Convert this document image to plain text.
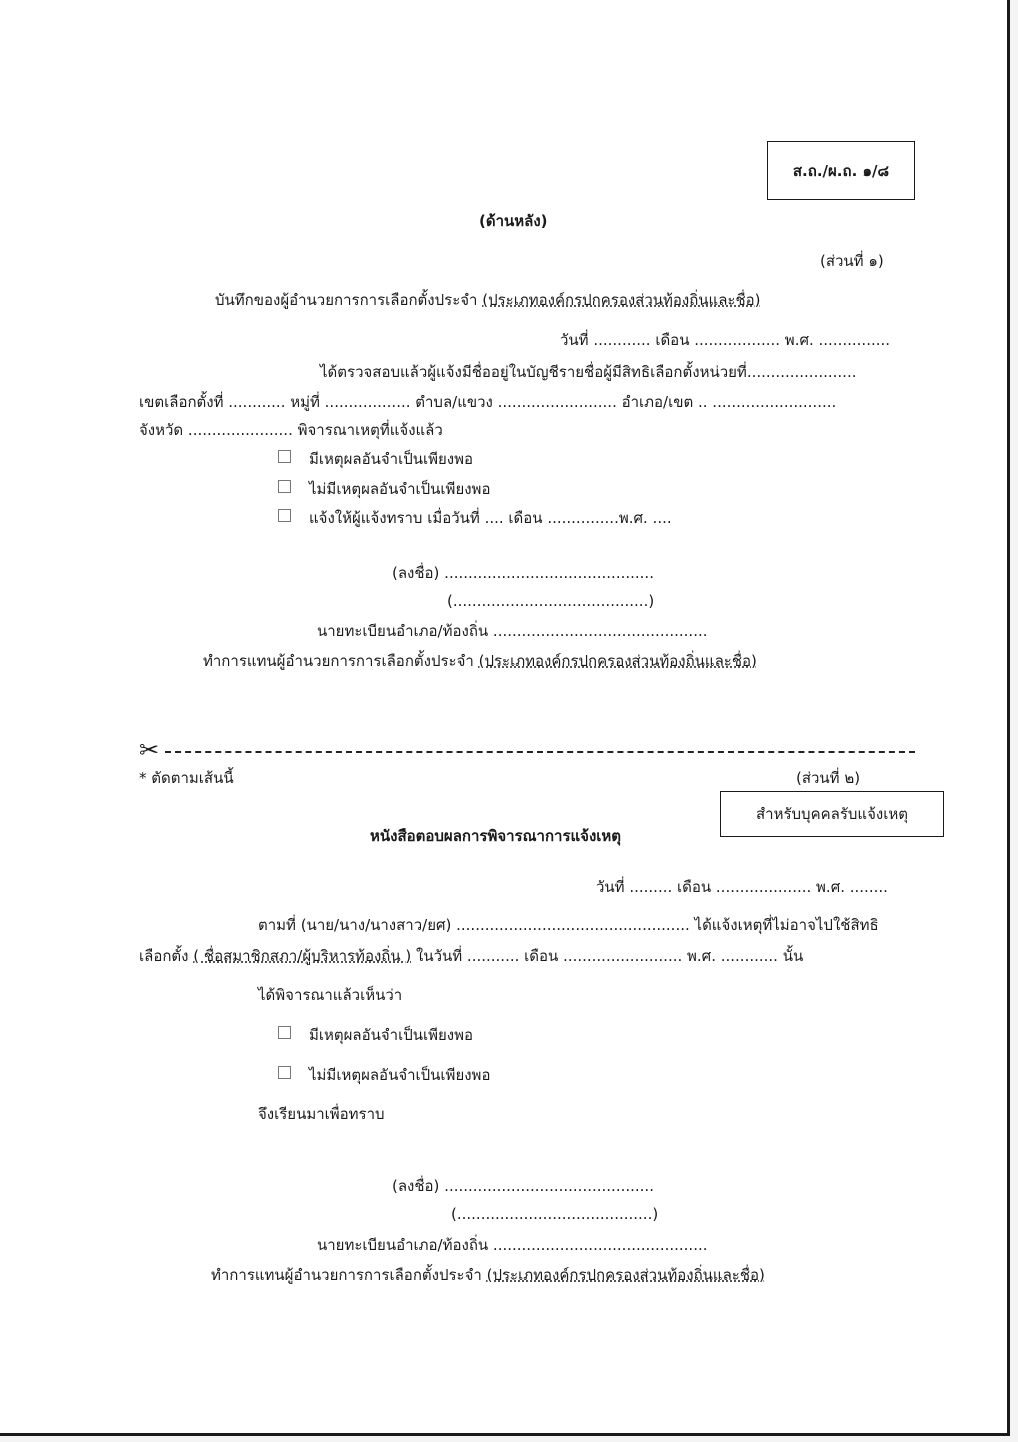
ส.ถ./ผ.ถ. ๑/๘
(ด้านหลัง)
(ส่วนที่ ๑)
บันทึกของผู้อำนวยการการเลือกตั้งประจำ (ประเภทองค์กรปกครองส่วนท้องถิ่นและชื่อ)
วันที่ ............ เดือน .................. พ.ศ. ...............
ได้ตรวจสอบแล้วผู้แจ้งมีชื่ออยู่ในบัญชีรายชื่อผู้มีสิทธิเลือกตั้งหน่วยที่.......................
เขตเลือกตั้งที่ ............ หมู่ที่ .................. ตำบล/แขวง ......................... อำเภอ/เขต .. ..........................
จังหวัด ...................... พิจารณาเหตุที่แจ้งแล้ว
มีเหตุผลอันจำเป็นเพียงพอ
ไม่มีเหตุผลอันจำเป็นเพียงพอ
แจ้งให้ผู้แจ้งทราบ เมื่อวันที่ .... เดือน ...............พ.ศ. ....
(ลงชื่อ) ............................................
(.........................................)
นายทะเบียนอำเภอ/ท้องถิ่น .............................................
ทำการแทนผู้อำนวยการการเลือกตั้งประจำ (ประเภทองค์กรปกครองส่วนท้องถิ่นและชื่อ)
✂
* ตัดตามเส้นนี้	(ส่วนที่ ๒)
สำหรับบุคคลรับแจ้งเหตุ
หนังสือตอบผลการพิจารณาการแจ้งเหตุ
วันที่ ......... เดือน .................... พ.ศ. ........
ตามที่ (นาย/นาง/นางสาว/ยศ) ................................................. ได้แจ้งเหตุที่ไม่อาจไปใช้สิทธิ
เลือกตั้ง ( ชื่อสมาชิกสภา/ผู้บริหารท้องถิ่น ) ในวันที่ ........... เดือน ......................... พ.ศ. ............ นั้น
ได้พิจารณาแล้วเห็นว่า
มีเหตุผลอันจำเป็นเพียงพอ
ไม่มีเหตุผลอันจำเป็นเพียงพอ
จึงเรียนมาเพื่อทราบ
(ลงชื่อ) ............................................
(.........................................)
นายทะเบียนอำเภอ/ท้องถิ่น .............................................
ทำการแทนผู้อำนวยการการเลือกตั้งประจำ (ประเภทองค์กรปกครองส่วนท้องถิ่นและชื่อ)
